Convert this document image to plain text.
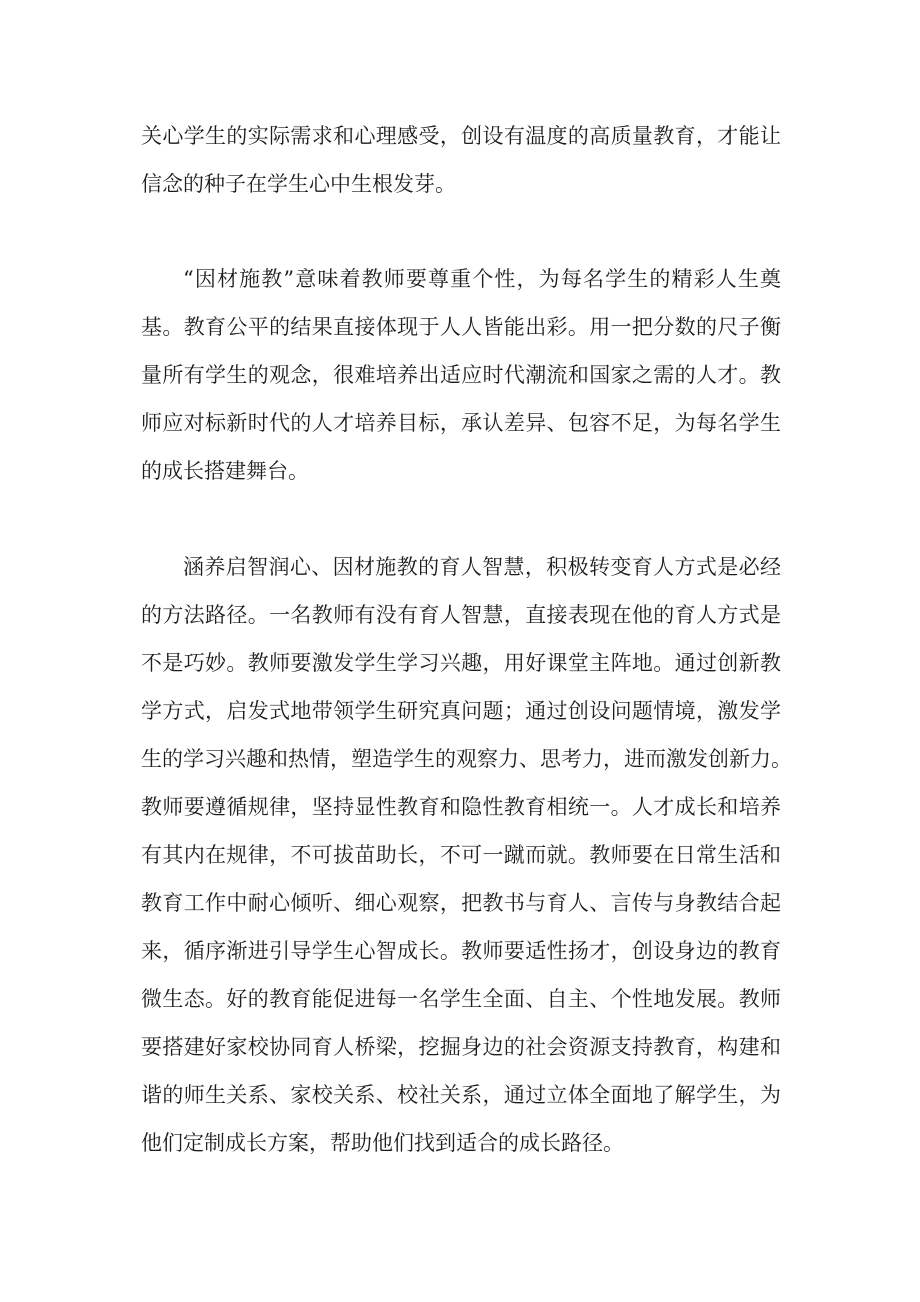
关心学生的实际需求和心理感受，创设有温度的高质量教育，才能让
信念的种子在学生心中生根发芽。
“因材施教”意味着教师要尊重个性，为每名学生的精彩人生奠
基。教育公平的结果直接体现于人人皆能出彩。用一把分数的尺子衡
量所有学生的观念，很难培养出适应时代潮流和国家之需的人才。教
师应对标新时代的人才培养目标，承认差异、包容不足，为每名学生
的成长搭建舞台。
涵养启智润心、因材施教的育人智慧，积极转变育人方式是必经
的方法路径。一名教师有没有育人智慧，直接表现在他的育人方式是
不是巧妙。教师要激发学生学习兴趣，用好课堂主阵地。通过创新教
学方式，启发式地带领学生研究真问题；通过创设问题情境，激发学
生的学习兴趣和热情，塑造学生的观察力、思考力，进而激发创新力。
教师要遵循规律，坚持显性教育和隐性教育相统一。人才成长和培养
有其内在规律，不可拔苗助长，不可一蹴而就。教师要在日常生活和
教育工作中耐心倾听、细心观察，把教书与育人、言传与身教结合起
来，循序渐进引导学生心智成长。教师要适性扬才，创设身边的教育
微生态。好的教育能促进每一名学生全面、自主、个性地发展。教师
要搭建好家校协同育人桥梁，挖掘身边的社会资源支持教育，构建和
谐的师生关系、家校关系、校社关系，通过立体全面地了解学生，为
他们定制成长方案，帮助他们找到适合的成长路径。
